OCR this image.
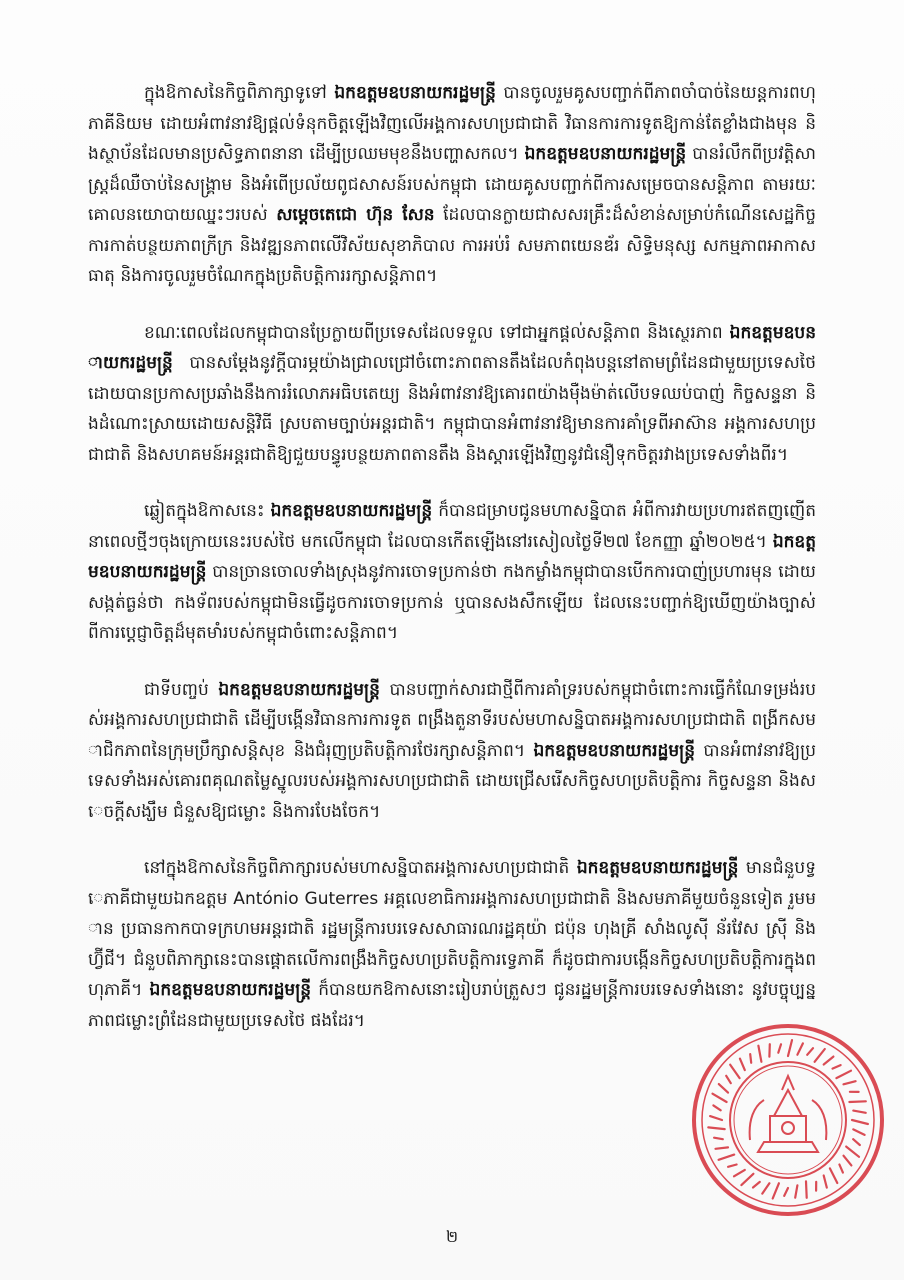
ក្នុងឱកាសនៃកិច្ចពិភាក្សាទូទៅ ឯកឧត្តមឧបនាយករដ្ឋមន្ត្រី បានចូលរួមគូសបញ្ជាក់ពីភាពចាំបាច់នៃយន្តការពហុភាគីនិយម ដោយអំពាវនាវឱ្យផ្តល់ទំនុកចិត្តឡើងវិញលើអង្គការសហប្រជាជាតិ វិធានការការទូតឱ្យកាន់តែខ្លាំងជាងមុន និងស្ថាប័នដែលមានប្រសិទ្ធភាពនានា ដើម្បីប្រឈមមុខនឹងបញ្ហាសកល។ ឯកឧត្តមឧបនាយករដ្ឋមន្ត្រី បានរំលឹកពីប្រវត្តិសាស្ត្រដ៏ឈឺចាប់នៃសង្គ្រាម និងអំពើប្រល័យពូជសាសន៍របស់កម្ពុជា ដោយគូសបញ្ជាក់ពីការសម្រេចបានសន្តិភាព តាមរយៈគោលនយោបាយឈ្នះៗរបស់ សម្តេចតេជោ ហ៊ុន សែន ដែលបានក្លាយជាសសរគ្រឹះដ៏សំខាន់សម្រាប់កំណើនសេដ្ឋកិច្ច ការកាត់បន្ថយភាពក្រីក្រ និងវឌ្ឍនភាពលើវិស័យសុខាភិបាល ការអប់រំ សមភាពយេនឌ័រ សិទ្ធិមនុស្ស សកម្មភាពអាកាសធាតុ និងការចូលរួមចំណែកក្នុងប្រតិបត្តិការរក្សាសន្តិភាព។

ខណៈពេលដែលកម្ពុជាបានប្រែក្លាយពីប្រទេសដែលទទួល ទៅជាអ្នកផ្តល់សន្តិភាព និងស្ថេរភាព ឯកឧត្តមឧបនាយករដ្ឋមន្ត្រី បានសម្តែងនូវក្តីបារម្ភយ៉ាងជ្រាលជ្រៅចំពោះភាពតានតឹងដែលកំពុងបន្តនៅតាមព្រំដែនជាមួយប្រទេសថៃ ដោយបានប្រកាសប្រឆាំងនឹងការរំលោភអធិបតេយ្យ និងអំពាវនាវឱ្យគោរពយ៉ាងម៉ឺងម៉ាត់លើបទឈប់បាញ់ កិច្ចសន្ទនា និងដំណោះស្រាយដោយសន្តិវិធី ស្របតាមច្បាប់អន្តរជាតិ។ កម្ពុជាបានអំពាវនាវឱ្យមានការគាំទ្រពីអាស៊ាន អង្គការសហប្រជាជាតិ និងសហគមន៍អន្តរជាតិឱ្យជួយបន្ធូរបន្ថយភាពតានតឹង និងស្តារឡើងវិញនូវជំនឿទុកចិត្តរវាងប្រទេសទាំងពីរ។

ឆ្លៀតក្នុងឱកាសនេះ ឯកឧត្តមឧបនាយករដ្ឋមន្ត្រី ក៏បានជម្រាបជូនមហាសន្និបាត អំពីការវាយប្រហារឥតញញើត នាពេលថ្មីៗចុងក្រោយនេះរបស់ថៃ មកលើកម្ពុជា ដែលបានកើតឡើងនៅរសៀលថ្ងៃទី២៧ ខែកញ្ញា ឆ្នាំ២០២៥។ ឯកឧត្តមឧបនាយករដ្ឋមន្ត្រី បានច្រានចោលទាំងស្រុងនូវការចោទប្រកាន់ថា កងកម្លាំងកម្ពុជាបានបើកការបាញ់ប្រហារមុន ដោយសង្កត់ធ្ងន់ថា កងទ័ពរបស់កម្ពុជាមិនធ្វើដូចការចោទប្រកាន់ ឬបានសងសឹកឡើយ ដែលនេះបញ្ជាក់ឱ្យឃើញយ៉ាងច្បាស់ ពីការប្តេជ្ញាចិត្តដ៏មុតមាំរបស់កម្ពុជាចំពោះសន្តិភាព។

ជាទីបញ្ចប់ ឯកឧត្តមឧបនាយករដ្ឋមន្ត្រី បានបញ្ជាក់សារជាថ្មីពីការគាំទ្ររបស់កម្ពុជាចំពោះការធ្វើកំណែទម្រង់របស់អង្គការសហប្រជាជាតិ ដើម្បីបង្កើនវិធានការការទូត ពង្រឹងតួនាទីរបស់មហាសន្និបាតអង្គការសហប្រជាជាតិ ពង្រីកសមាជិកភាពនៃក្រុមប្រឹក្សាសន្តិសុខ និងជំរុញប្រតិបត្តិការថែរក្សាសន្តិភាព។ ឯកឧត្តមឧបនាយករដ្ឋមន្ត្រី បានអំពាវនាវឱ្យប្រទេសទាំងអស់គោរពគុណតម្លៃស្នូលរបស់អង្គការសហប្រជាជាតិ ដោយជ្រើសរើសកិច្ចសហប្រតិបត្តិការ កិច្ចសន្ទនា និងសេចក្តីសង្ឃឹម ជំនួសឱ្យជម្លោះ និងការបែងចែក។

នៅក្នុងឱកាសនៃកិច្ចពិភាក្សារបស់មហាសន្និបាតអង្គការសហប្រជាជាតិ ឯកឧត្តមឧបនាយករដ្ឋមន្ត្រី មានជំនួបទ្វេភាគីជាមួយឯកឧត្តម António Guterres អគ្គលេខាធិការអង្គការសហប្រជាជាតិ និងសមភាគីមួយចំនួនទៀត រួមមាន ប្រធានកាកបាទក្រហមអន្តរជាតិ រដ្ឋមន្ត្រីការបរទេសសាធារណរដ្ឋគុយ៉ា ជប៉ុន ហុងគ្រី សាំងលូស៊ី ន័រវែស ស្រ៊ី និងហ្វ៊ីជី។ ជំនួបពិភាក្សានេះបានផ្តោតលើការពង្រឹងកិច្ចសហប្រតិបត្តិការទ្វេភាគី ក៏ដូចជាការបង្កើនកិច្ចសហប្រតិបត្តិការក្នុងពហុភាគី។ ឯកឧត្តមឧបនាយករដ្ឋមន្ត្រី ក៏បានយកឱកាសនោះរៀបរាប់ត្រួសៗ ជូនរដ្ឋមន្ត្រីការបរទេសទាំងនោះ នូវបច្ចុប្បន្នភាពជម្លោះព្រំដែនជាមួយប្រទេសថៃ ផងដែរ។

២
